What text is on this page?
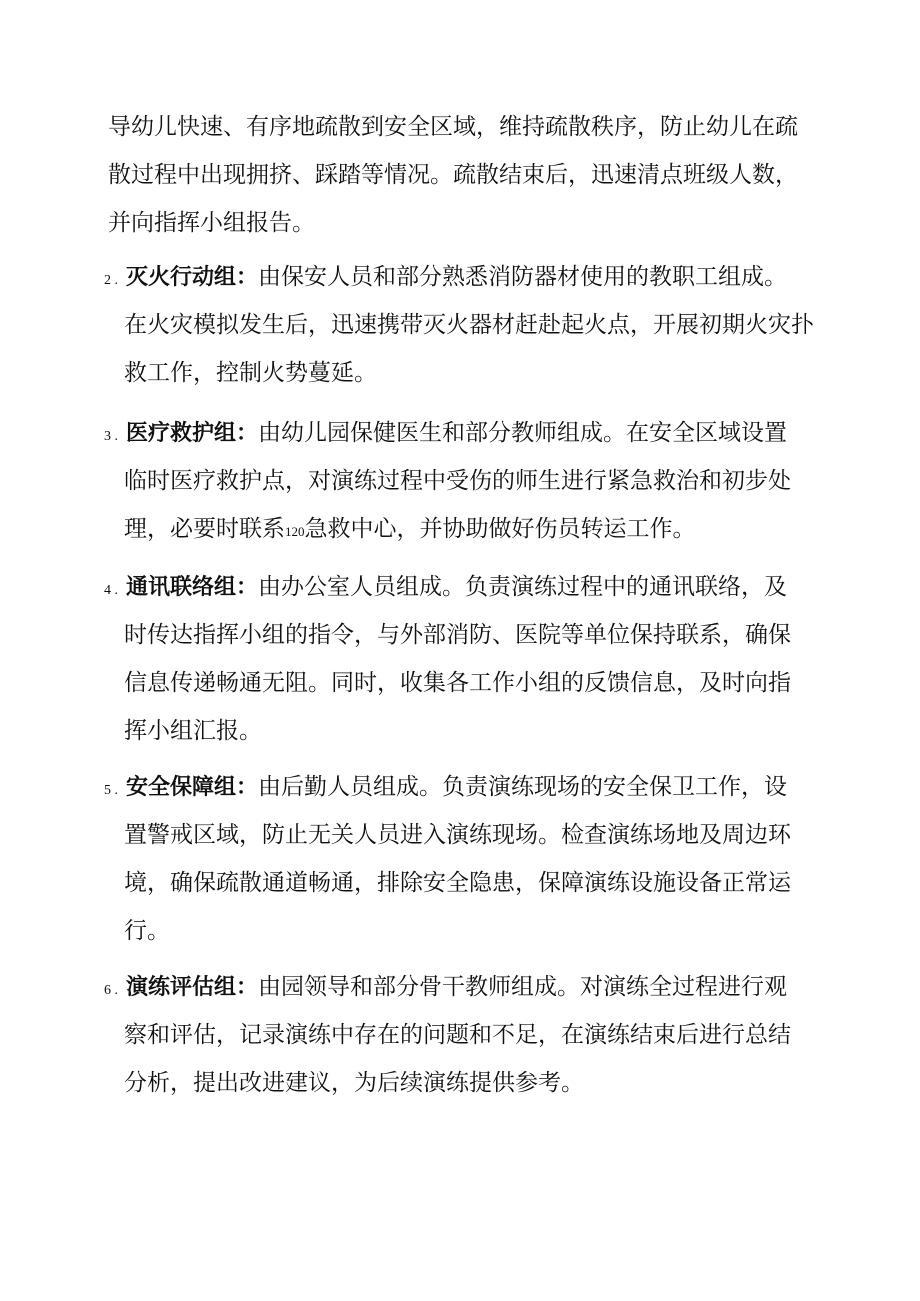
导幼儿快速、有序地疏散到安全区域，维持疏散秩序，防止幼儿在疏
散过程中出现拥挤、踩踏等情况。疏散结束后，迅速清点班级人数，
并向指挥小组报告。
2 . 灭火行动组：由保安人员和部分熟悉消防器材使用的教职工组成。
在火灾模拟发生后，迅速携带灭火器材赶赴起火点，开展初期火灾扑
救工作，控制火势蔓延。
3 . 医疗救护组：由幼儿园保健医生和部分教师组成。在安全区域设置
临时医疗救护点，对演练过程中受伤的师生进行紧急救治和初步处
理，必要时联系120急救中心，并协助做好伤员转运工作。
4 . 通讯联络组：由办公室人员组成。负责演练过程中的通讯联络，及
时传达指挥小组的指令，与外部消防、医院等单位保持联系，确保
信息传递畅通无阻。同时，收集各工作小组的反馈信息，及时向指
挥小组汇报。
5 . 安全保障组：由后勤人员组成。负责演练现场的安全保卫工作，设
置警戒区域，防止无关人员进入演练现场。检查演练场地及周边环
境，确保疏散通道畅通，排除安全隐患，保障演练设施设备正常运
行。
6 . 演练评估组：由园领导和部分骨干教师组成。对演练全过程进行观
察和评估，记录演练中存在的问题和不足，在演练结束后进行总结
分析，提出改进建议，为后续演练提供参考。
